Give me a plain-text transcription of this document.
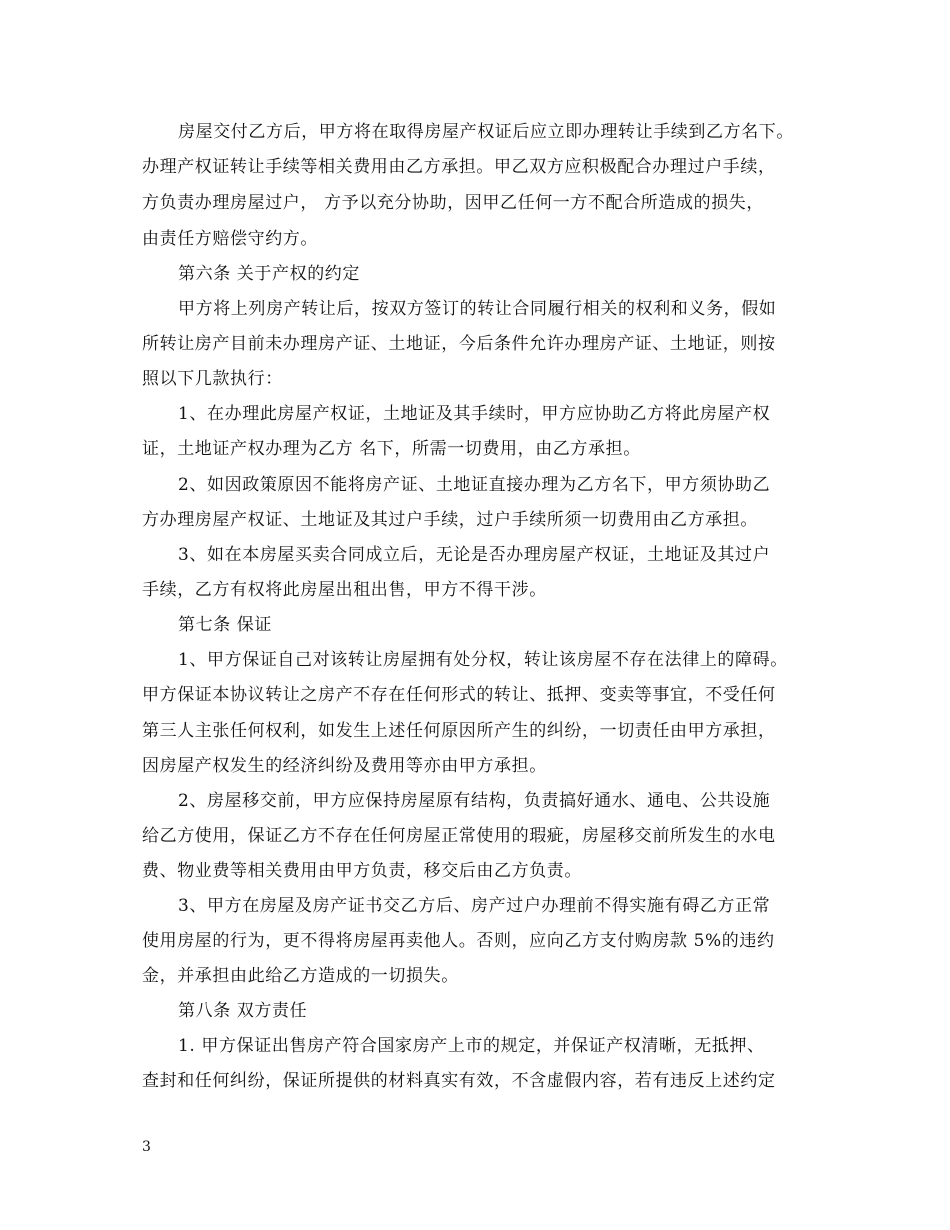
房屋交付乙方后，甲方将在取得房屋产权证后应立即办理转让手续到乙方名下。
办理产权证转让手续等相关费用由乙方承担。甲乙双方应积极配合办理过户手续，
方负责办理房屋过户， 方予以充分协助，因甲乙任何一方不配合所造成的损失，
由责任方赔偿守约方。
第六条 关于产权的约定
甲方将上列房产转让后，按双方签订的转让合同履行相关的权利和义务，假如
所转让房产目前未办理房产证、土地证，今后条件允许办理房产证、土地证，则按
照以下几款执行：
1、在办理此房屋产权证，土地证及其手续时，甲方应协助乙方将此房屋产权
证，土地证产权办理为乙方 名下，所需一切费用，由乙方承担。
2、如因政策原因不能将房产证、土地证直接办理为乙方名下，甲方须协助乙
方办理房屋产权证、土地证及其过户手续，过户手续所须一切费用由乙方承担。
3、如在本房屋买卖合同成立后，无论是否办理房屋产权证，土地证及其过户
手续，乙方有权将此房屋出租出售，甲方不得干涉。
第七条 保证
1、甲方保证自己对该转让房屋拥有处分权，转让该房屋不存在法律上的障碍。
甲方保证本协议转让之房产不存在任何形式的转让、抵押、变卖等事宜，不受任何
第三人主张任何权利，如发生上述任何原因所产生的纠纷，一切责任由甲方承担，
因房屋产权发生的经济纠纷及费用等亦由甲方承担。
2、房屋移交前，甲方应保持房屋原有结构，负责搞好通水、通电、公共设施
给乙方使用，保证乙方不存在任何房屋正常使用的瑕疵，房屋移交前所发生的水电
费、物业费等相关费用由甲方负责，移交后由乙方负责。
3、甲方在房屋及房产证书交乙方后、房产过户办理前不得实施有碍乙方正常
使用房屋的行为，更不得将房屋再卖他人。否则，应向乙方支付购房款 5%的违约
金，并承担由此给乙方造成的一切损失。
第八条 双方责任
1. 甲方保证出售房产符合国家房产上市的规定，并保证产权清晰，无抵押、
查封和任何纠纷，保证所提供的材料真实有效，不含虚假内容，若有违反上述约定
3
